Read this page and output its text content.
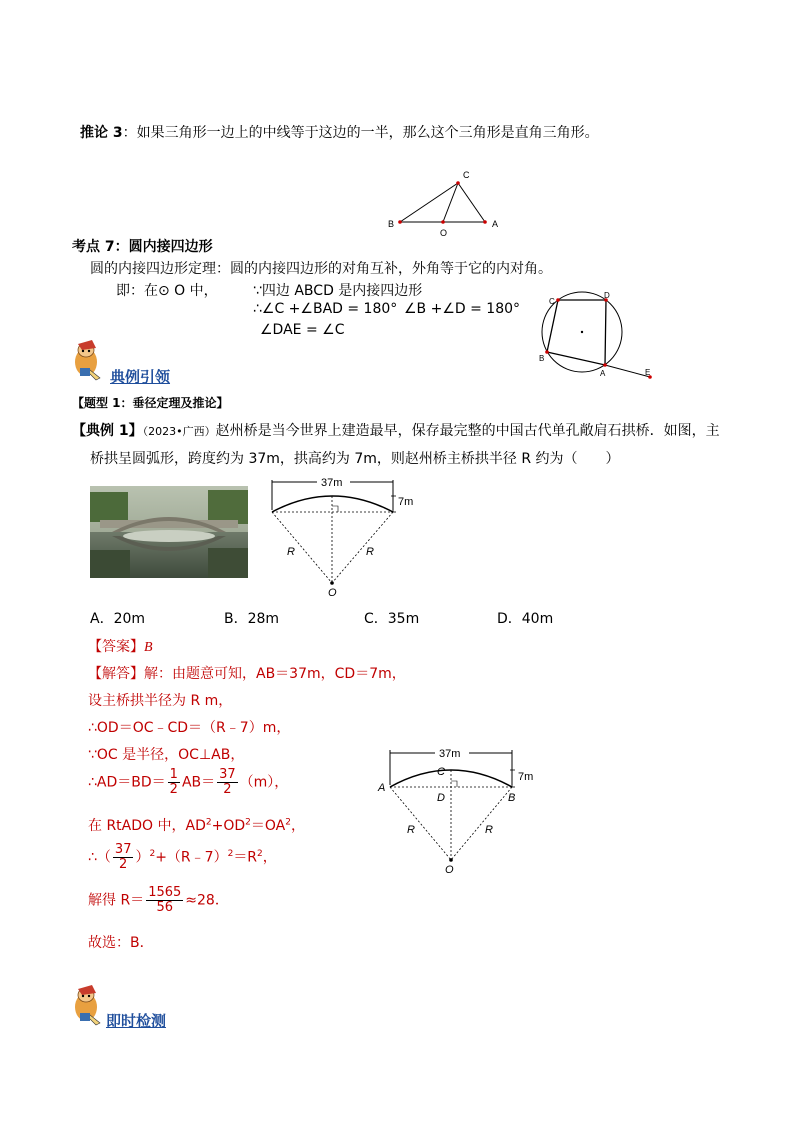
推论 3：如果三角形一边上的中线等于这边的一半，那么这个三角形是直角三角形。
C
B
O
A
考点 7：圆内接四边形
圆的内接四边形定理：圆的内接四边形的对角互补，外角等于它的内对角。
即：在⊙ O 中，	∵四边 ABCD 是内接四边形
∴∠C +∠BAD = 180° ∠B +∠D = 180°
∠DAE = ∠C
C
D
B
A	E
典例引领
【题型 1：垂径定理及推论】
【典例 1】（2023•广西）赵州桥是当今世界上建造最早，保存最完整的中国古代单孔敞肩石拱桥．如图，主
桥拱呈圆弧形，跨度约为 37m，拱高约为 7m，则赵州桥主桥拱半径 R 约为（　　）
37m
7m
R	R
O
A．20m	B．28m	C．35m	D．40m
【答案】B
【解答】解：由题意可知，AB＝37m，CD＝7m，
设主桥拱半径为 R m，
∴OD＝OC﹣CD＝（R﹣7）m，
∵OC 是半径，OC⊥AB，
∴AD＝BD＝ $\frac{1}{2} AB= \frac{37}{2} (m)$，
在 RtADO 中，$AD^2+OD^2=OA^2$，
∴（ $\frac{37}{2}$ ）$^2+(R﹣7)^2=R^2$，
解得 $R= \frac{1565}{56} \approx 28$．
故选：B．
37m
7m
A
B
C
D
R	R
O
即时检测
